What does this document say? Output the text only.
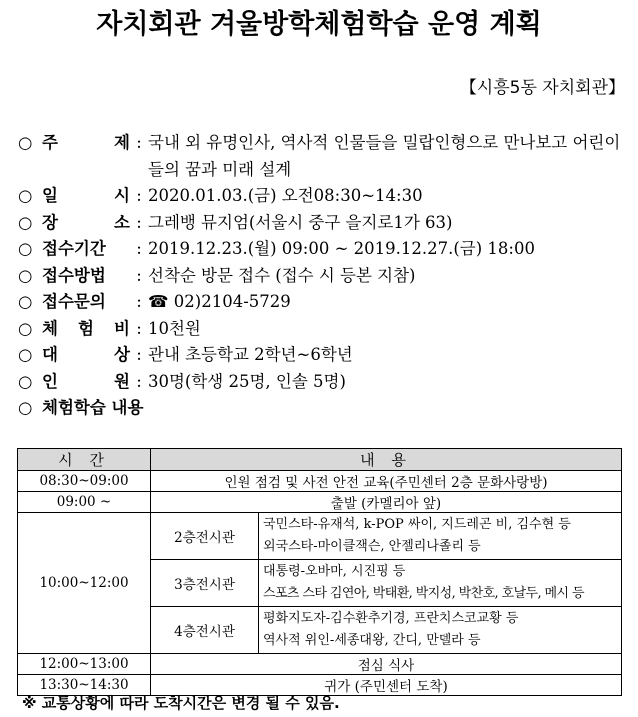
자치회관 겨울방학체험학습 운영 계획
【시흥5동 자치회관】
○ 주	제 : 국내 외 유명인사, 역사적 인물들을 밀랍인형으로 만나보고 어린이들의 꿈과 미래 설계
○ 일	시 : 2020.01.03.(금) 오전08:30~14:30
○ 장	소 : 그레뱅 뮤지엄(서울시 중구 을지로1가 63)
○ 접수기간	: 2019.12.23.(월) 09:00 ~ 2019.12.27.(금) 18:00
○ 접수방법	: 선착순 방문 접수 (접수 시 등본 지참)
○ 접수문의	: ☎ 02)2104-5729
○ 체 험 비 : 10천원
○ 대	상 : 관내 초등학교 2학년~6학년
○ 인	원 : 30명(학생 25명, 인솔 5명)
○ 체험학습 내용
시 간	내 용	
08:30~09:00	인원 점검 및 사전 안전 교육(주민센터 2층 문화사랑방)	
09:00 ~	출발 (카멜리아 앞)	
10:00~12:00	2층전시관	국민스타-유재석, k-POP 싸이, 지드레곤 비, 김수현 등
외국스타-마이클잭슨, 안젤리나졸리 등

	3층전시관	대통령-오바마, 시진핑 등
스포츠 스타 김연아, 박태환, 박지성, 박찬호, 호날두, 메시 등

	4층전시관	평화지도자-김수환추기경, 프란치스코교황 등
역사적 위인-세종대왕, 간디, 만델라 등

12:00~13:00	점심 식사	
13:30~14:30	귀가 (주민센터 도착)	
※ 교통상황에 따라 도착시간은 변경 될 수 있음.
